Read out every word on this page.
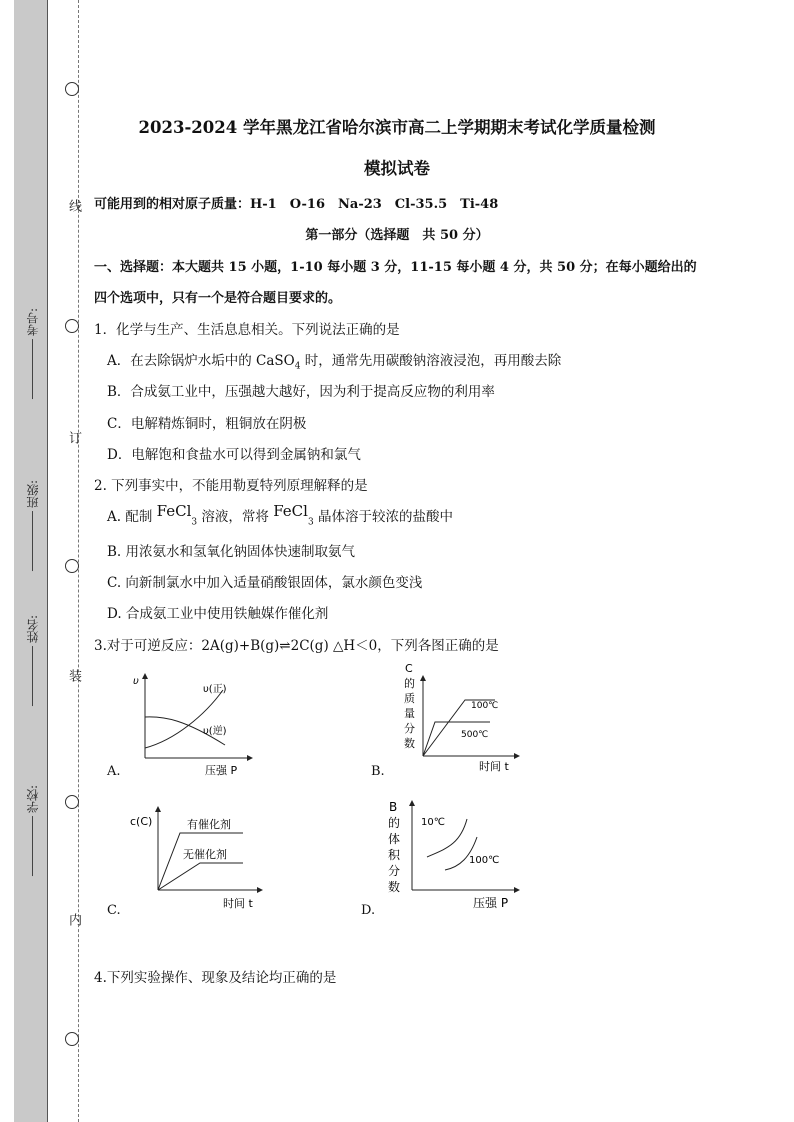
线
订
装
内
考号:
班级:
姓名:
学校:
2023-2024 学年黑龙江省哈尔滨市高二上学期期末考试化学质量检测
模拟试卷
可能用到的相对原子质量：H-1　O-16　Na-23　Cl-35.5　Ti-48
第一部分（选择题　共 50 分）
一、选择题：本大题共 15 小题，1-10 每小题 3 分，11-15 每小题 4 分，共 50 分；在每小题给出的
四个选项中，只有一个是符合题目要求的。
1．化学与生产、生活息息相关。下列说法正确的是
A．在去除锅炉水垢中的 CaSO$_4$ 时，通常先用碳酸钠溶液浸泡，再用酸去除
B．合成氨工业中，压强越大越好，因为利于提高反应物的利用率
C．电解精炼铜时，粗铜放在阴极
D．电解饱和食盐水可以得到金属钠和氯气
2. 下列事实中，不能用勒夏特列原理解释的是
A. 配制 FeCl$_3$ 溶液，常将 FeCl$_3$ 晶体溶于较浓的盐酸中
B. 用浓氨水和氢氧化钠固体快速制取氨气
C. 向新制氯水中加入适量硝酸银固体，氯水颜色变浅
D. 合成氨工业中使用铁触媒作催化剂
3.对于可逆反应：2A(g)+B(g)⇌2C(g) △H＜0，下列各图正确的是
υ
υ(正)
υ(逆)
压强 P
A.
C
的
质
量
分
数
100℃
500℃
时间 t
B.
c(C)	有催化剂
无催化剂
时间 t
C.
B
的
体
积
分
数
10℃
100℃
压强 P
D.
4.下列实验操作、现象及结论均正确的是
